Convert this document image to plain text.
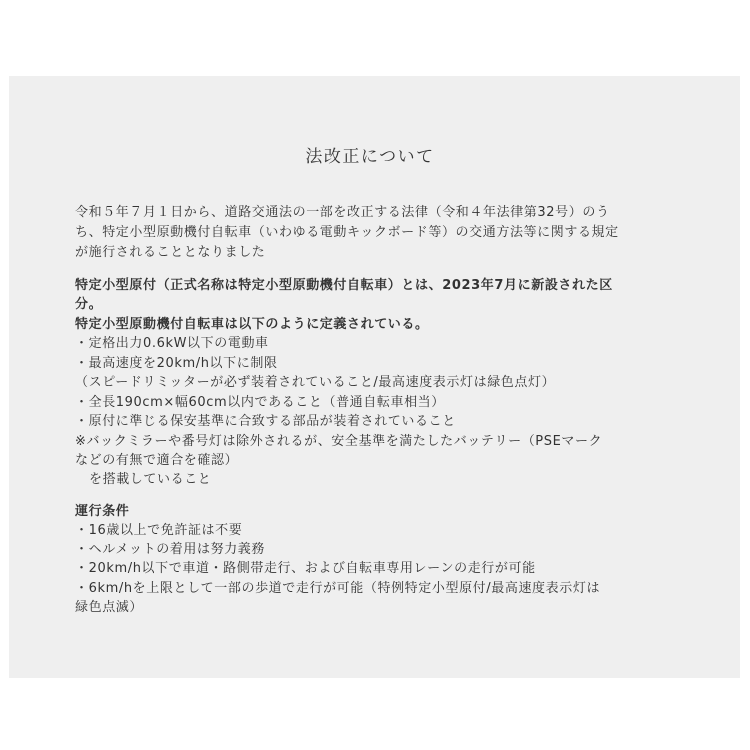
法改正について
令和５年７月１日から、道路交通法の一部を改正する法律（令和４年法律第32号）のう
ち、特定小型原動機付自転車（いわゆる電動キックボード等）の交通方法等に関する規定
が施行されることとなりました
特定小型原付（正式名称は特定小型原動機付自転車）とは、2023年7月に新設された区
分。
特定小型原動機付自転車は以下のように定義されている。
・定格出力0.6kW以下の電動車
・最高速度を20km/h以下に制限
（スピードリミッターが必ず装着されていること/最高速度表示灯は緑色点灯）
・全長190cm×幅60cm以内であること（普通自転車相当）
・原付に準じる保安基準に合致する部品が装着されていること
※バックミラーや番号灯は除外されるが、安全基準を満たしたバッテリー（PSEマーク
などの有無で適合を確認）
を搭載していること
運行条件
・16歳以上で免許証は不要
・ヘルメットの着用は努力義務
・20km/h以下で車道・路側帯走行、および自転車専用レーンの走行が可能
・6km/hを上限として一部の歩道で走行が可能（特例特定小型原付/最高速度表示灯は
緑色点滅）
